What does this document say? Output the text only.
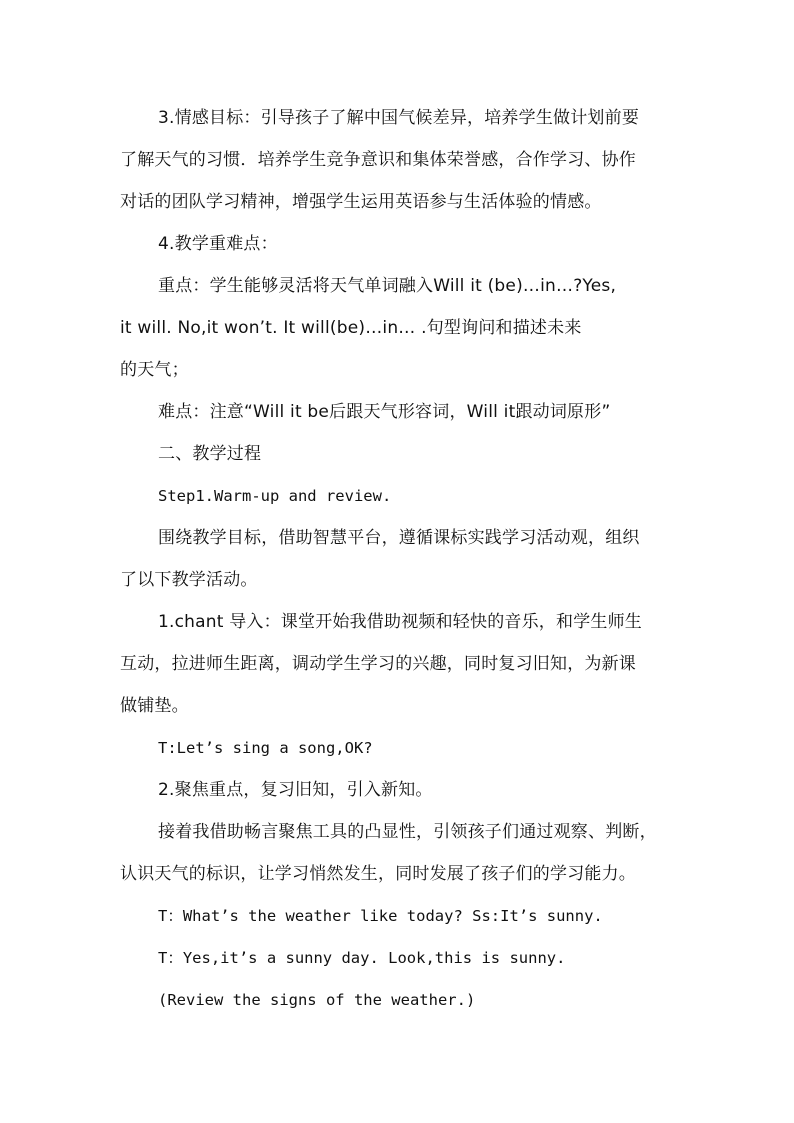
3.情感目标：引导孩子了解中国气候差异，培养学生做计划前要
了解天气的习惯．培养学生竞争意识和集体荣誉感，合作学习、协作
对话的团队学习精神，增强学生运用英语参与生活体验的情感。
4.教学重难点：
重点：学生能够灵活将天气单词融入Will it (be)…in…?Yes,
it will. No,it won’t. It will(be)…in… .句型询问和描述未来
的天气；
难点：注意“Will it be后跟天气形容词，Will it跟动词原形”
二、教学过程
Step1.Warm-up and review.
围绕教学目标，借助智慧平台，遵循课标实践学习活动观，组织
了以下教学活动。
1.chant 导入：课堂开始我借助视频和轻快的音乐，和学生师生
互动，拉进师生距离，调动学生学习的兴趣，同时复习旧知，为新课
做铺垫。
T:Let’s sing a song,OK?
2.聚焦重点，复习旧知，引入新知。
接着我借助畅言聚焦工具的凸显性，引领孩子们通过观察、判断，
认识天气的标识，让学习悄然发生，同时发展了孩子们的学习能力。
T：What’s the weather like today? Ss:It’s sunny.
T：Yes,it’s a sunny day. Look,this is sunny.
(Review the signs of the weather.)
